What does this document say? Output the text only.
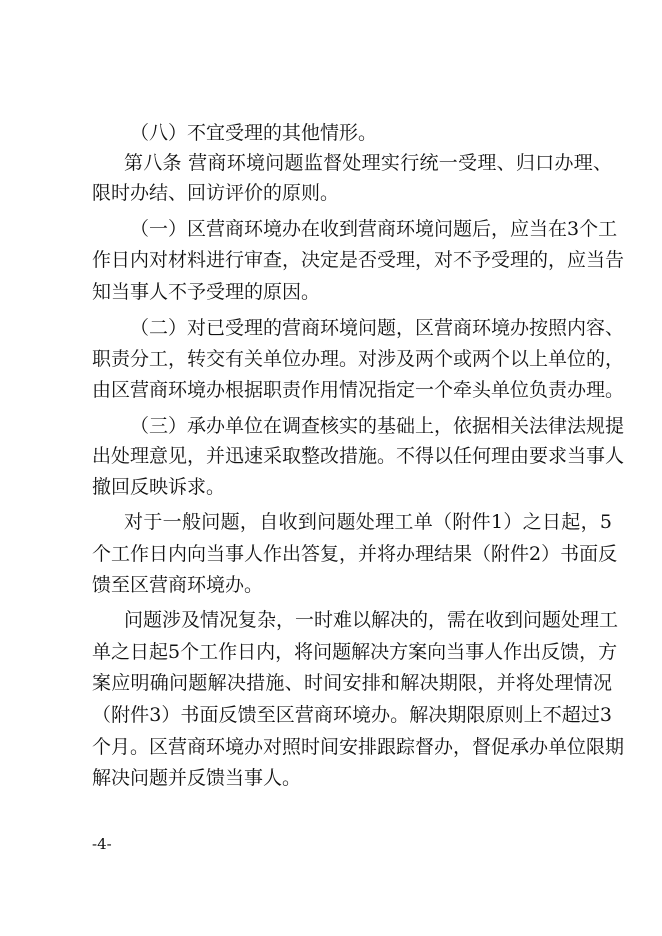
（八）不宜受理的其他情形。
第八条 营商环境问题监督处理实行统一受理、归口办理、
限时办结、回访评价的原则。
（一）区营商环境办在收到营商环境问题后，应当在3个工
作日内对材料进行审查，决定是否受理，对不予受理的，应当告
知当事人不予受理的原因。
（二）对已受理的营商环境问题，区营商环境办按照内容、
职责分工，转交有关单位办理。对涉及两个或两个以上单位的，
由区营商环境办根据职责作用情况指定一个牵头单位负责办理。
（三）承办单位在调查核实的基础上，依据相关法律法规提
出处理意见，并迅速采取整改措施。不得以任何理由要求当事人
撤回反映诉求。
对于一般问题，自收到问题处理工单（附件1）之日起，5
个工作日内向当事人作出答复，并将办理结果（附件2）书面反
馈至区营商环境办。
问题涉及情况复杂，一时难以解决的，需在收到问题处理工
单之日起5个工作日内，将问题解决方案向当事人作出反馈，方
案应明确问题解决措施、时间安排和解决期限，并将处理情况
（附件3）书面反馈至区营商环境办。解决期限原则上不超过3
个月。区营商环境办对照时间安排跟踪督办，督促承办单位限期
解决问题并反馈当事人。
-4-
